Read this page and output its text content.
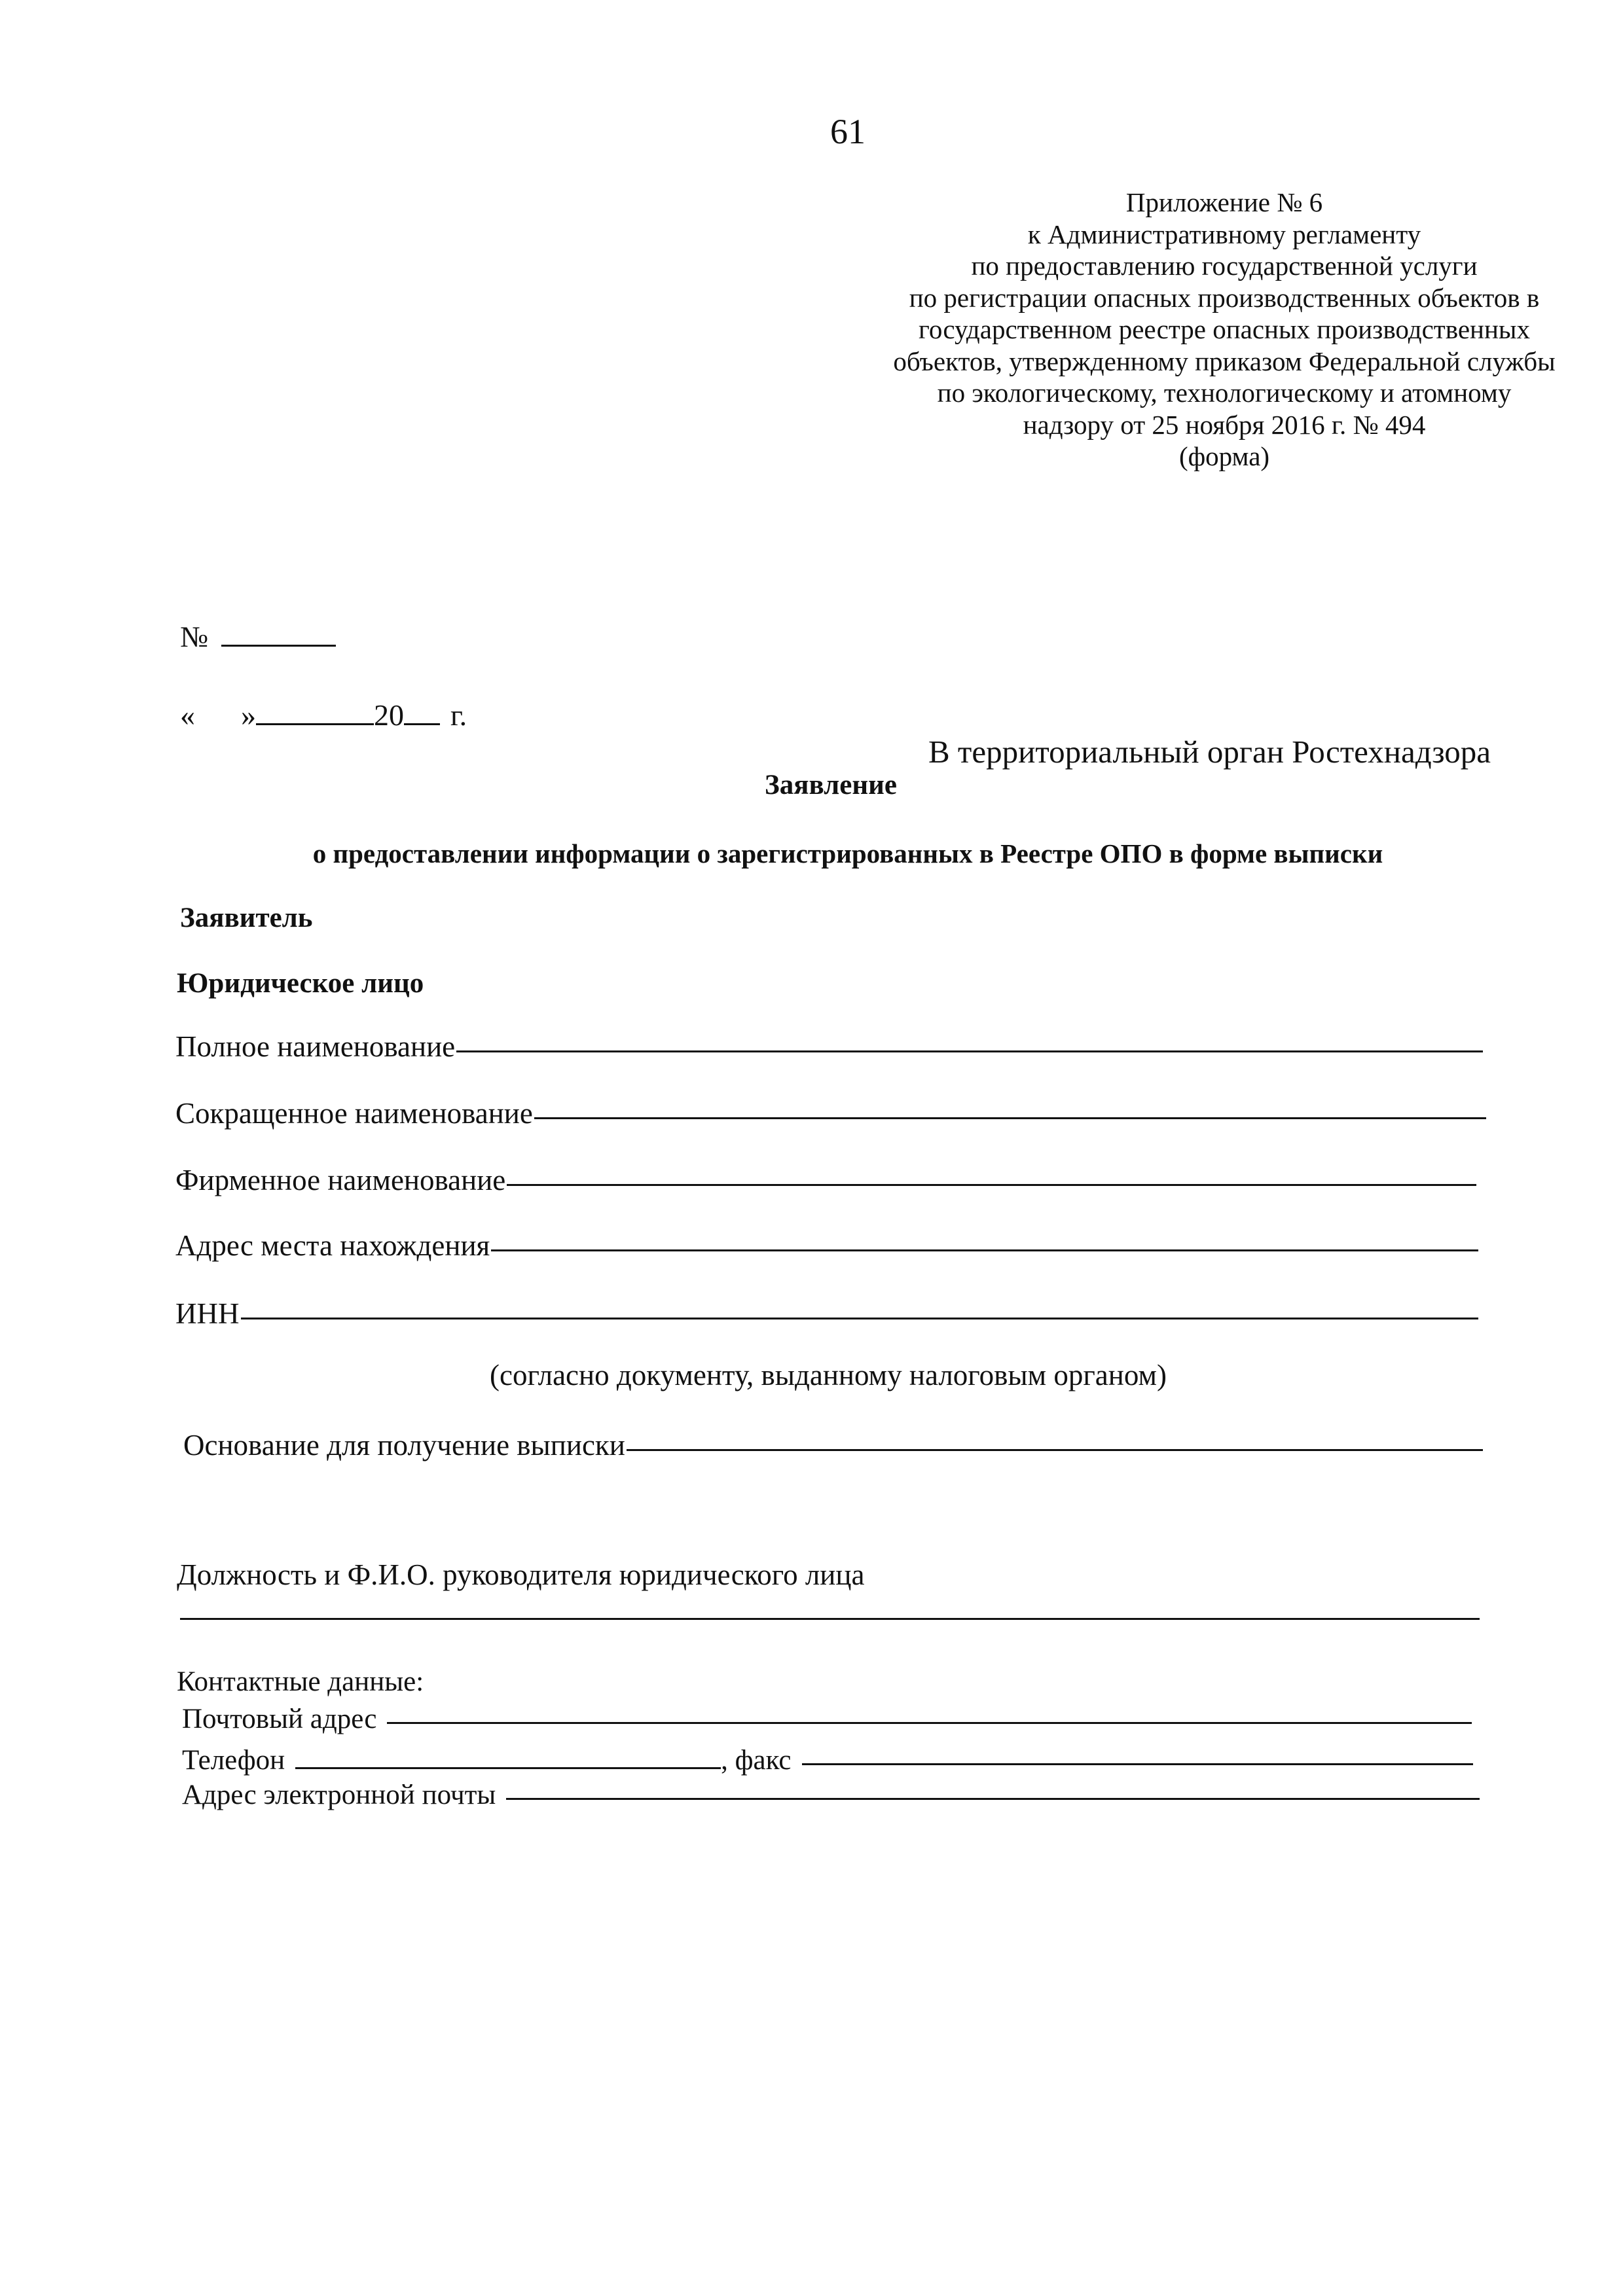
61
Приложение № 6
к Административному регламенту
по предоставлению государственной услуги
по регистрации опасных производственных объектов в
государственном реестре опасных производственных
объектов, утвержденному приказом Федеральной службы
по экологическому, технологическому и атомному
надзору от 25 ноября 2016 г. № 494
(форма)
№
« »	20 г.
В территориальный орган Ростехнадзора
Заявление
о предоставлении информации о зарегистрированных в Реестре ОПО в форме выписки
Заявитель
Юридическое лицо
Полное наименование
Сокращенное наименование
Фирменное наименование
Адрес места нахождения
ИНН
(согласно документу, выданному налоговым органом)
Основание для получение выписки
Должность и Ф.И.О. руководителя юридического лица
Контактные данные:
Почтовый адрес
Телефон	, факс
Адрес электронной почты
